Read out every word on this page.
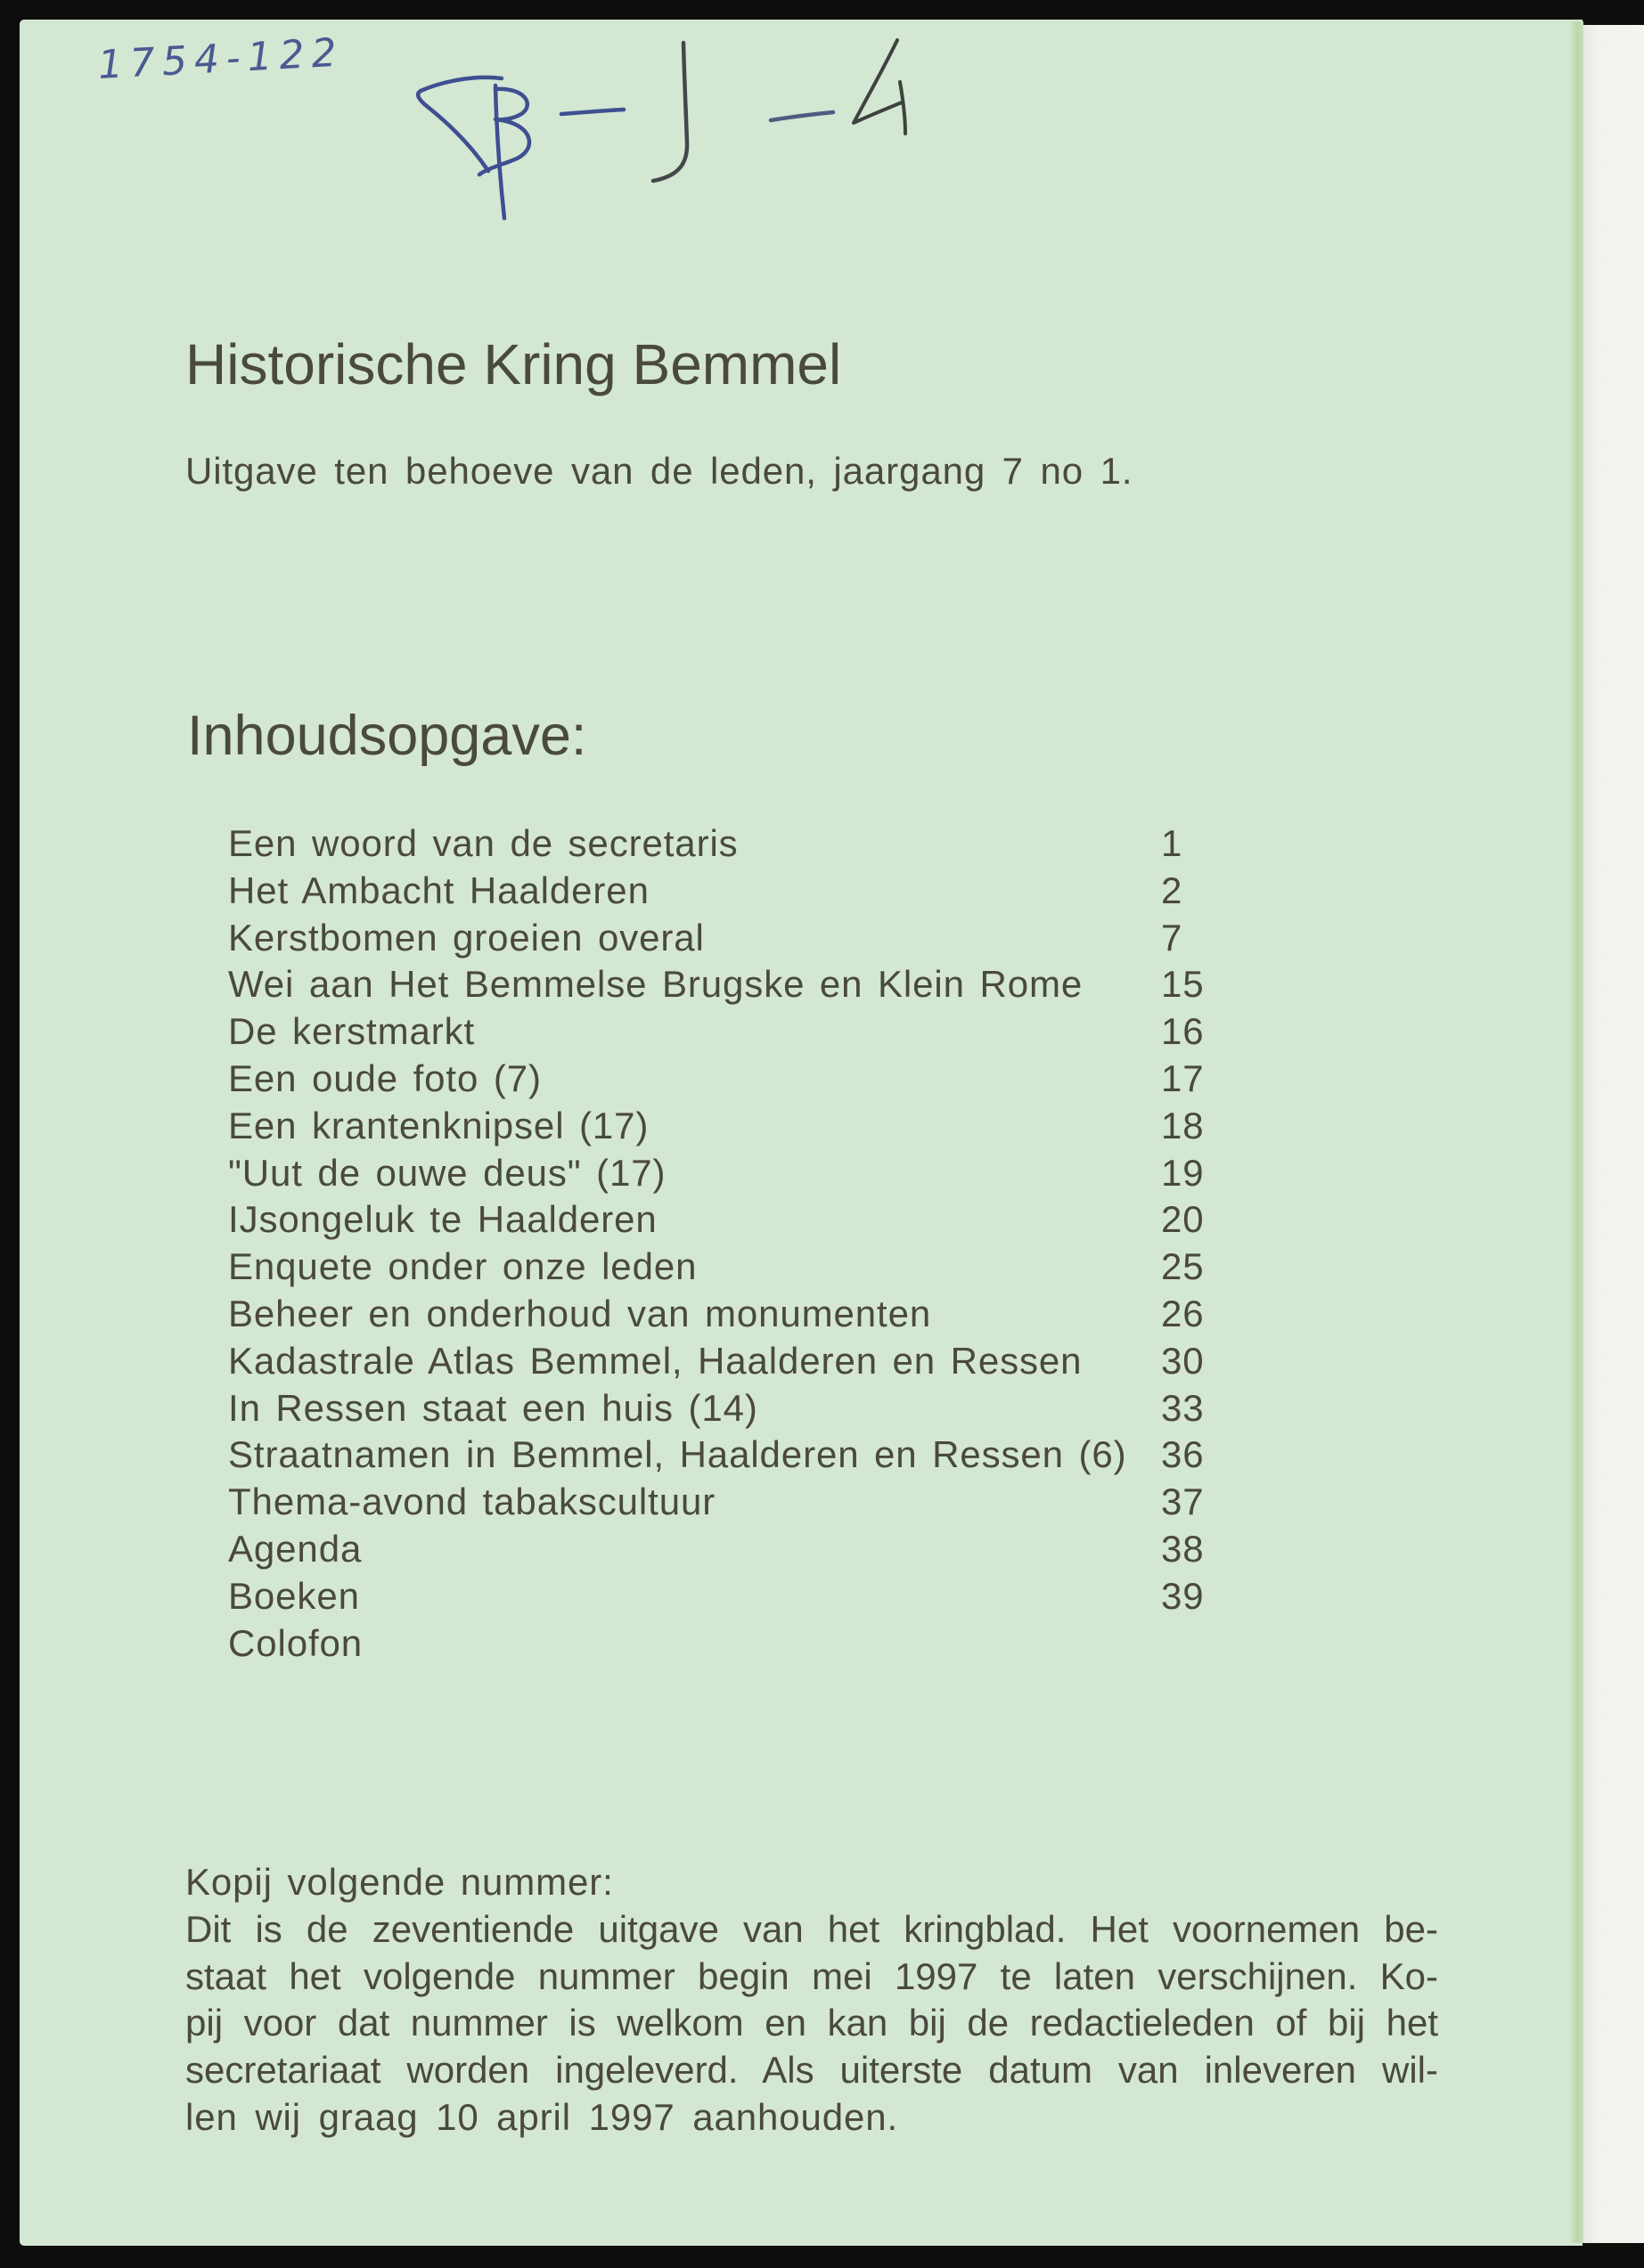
1754-122
Historische Kring Bemmel

Uitgave ten behoeve van de leden, jaargang 7 no 1.

Inhoudsopgave:
Een woord van de secretaris	1
Het Ambacht Haalderen	2
Kerstbomen groeien overal	7
Wei aan Het Bemmelse Brugske en Klein Rome 15
De kerstmarkt	16
Een oude foto (7)	17
Een krantenknipsel (17)	18
"Uut de ouwe deus" (17)	19
IJsongeluk te Haalderen	20
Enquete onder onze leden	25
Beheer en onderhoud van monumenten	26
Kadastrale Atlas Bemmel, Haalderen en Ressen 30
In Ressen staat een huis (14)	33
Straatnamen in Bemmel, Haalderen en Ressen (6) 36
Thema-avond tabakscultuur	37
Agenda	38
Boeken	39
Colofon
Kopij volgende nummer:
Dit is de zeventiende uitgave van het kringblad. Het voornemen be-
staat het volgende nummer begin mei 1997 te laten verschijnen. Ko-
pij voor dat nummer is welkom en kan bij de redactieleden of bij het
secretariaat worden ingeleverd. Als uiterste datum van inleveren wil-
len wij graag 10 april 1997 aanhouden.
